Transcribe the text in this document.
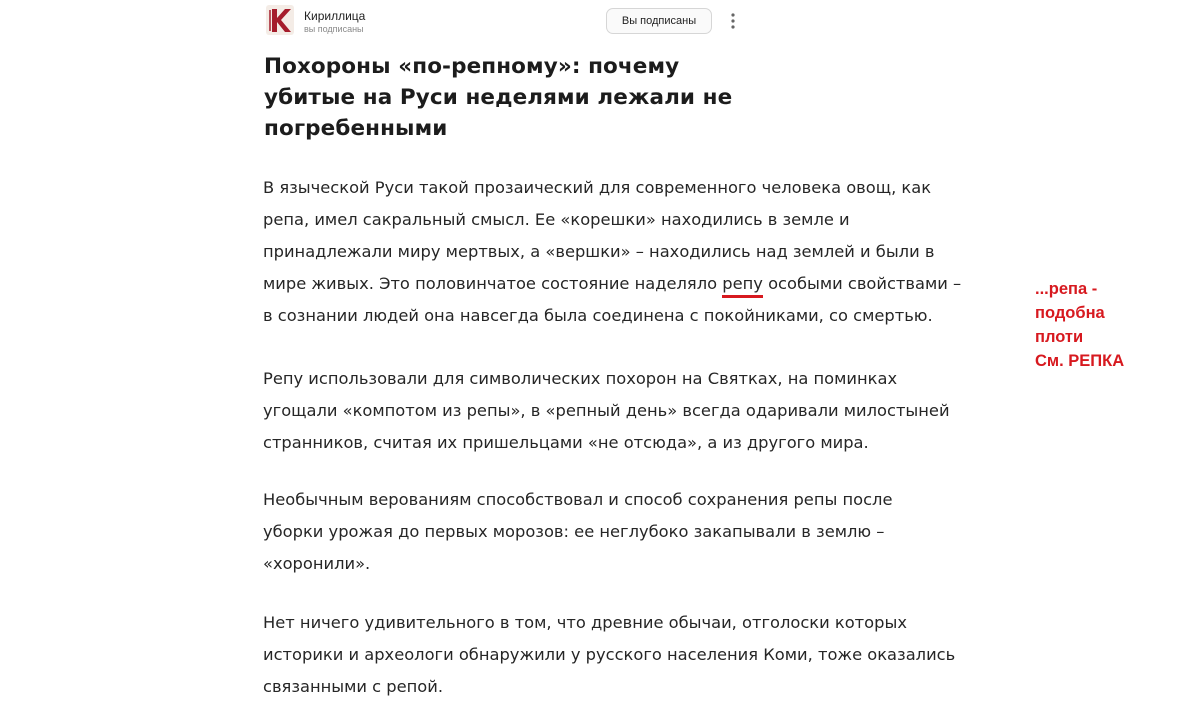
Кириллица
вы подписаны
Вы подписаны
Похороны «по-репному»: почему убитые на Руси неделями лежали не погребенными
В языческой Руси такой прозаический для современного человека овощ, как
репа, имел сакральный смысл. Ее «корешки» находились в земле и
принадлежали миру мертвых, а «вершки» – находились над землей и были в
мире живых. Это половинчатое состояние наделяло репу
особыми свойствами –
в сознании людей она навсегда была соединена с покойниками, со смертью.
Репу использовали для символических похорон на Святках, на поминках
угощали «компотом из репы», в «репный день» всегда одаривали милостыней
странников, считая их пришельцами «не отсюда», а из другого мира.
Необычным верованиям способствовал и способ сохранения репы после
уборки урожая до первых морозов: ее неглубоко закапывали в землю –
«хоронили».
Нет ничего удивительного в том, что древние обычаи, отголоски которых
историки и археологи обнаружили у русского населения Коми, тоже оказались
связанными с репой.
...репа -
подобна
плоти
См. РЕПКА
